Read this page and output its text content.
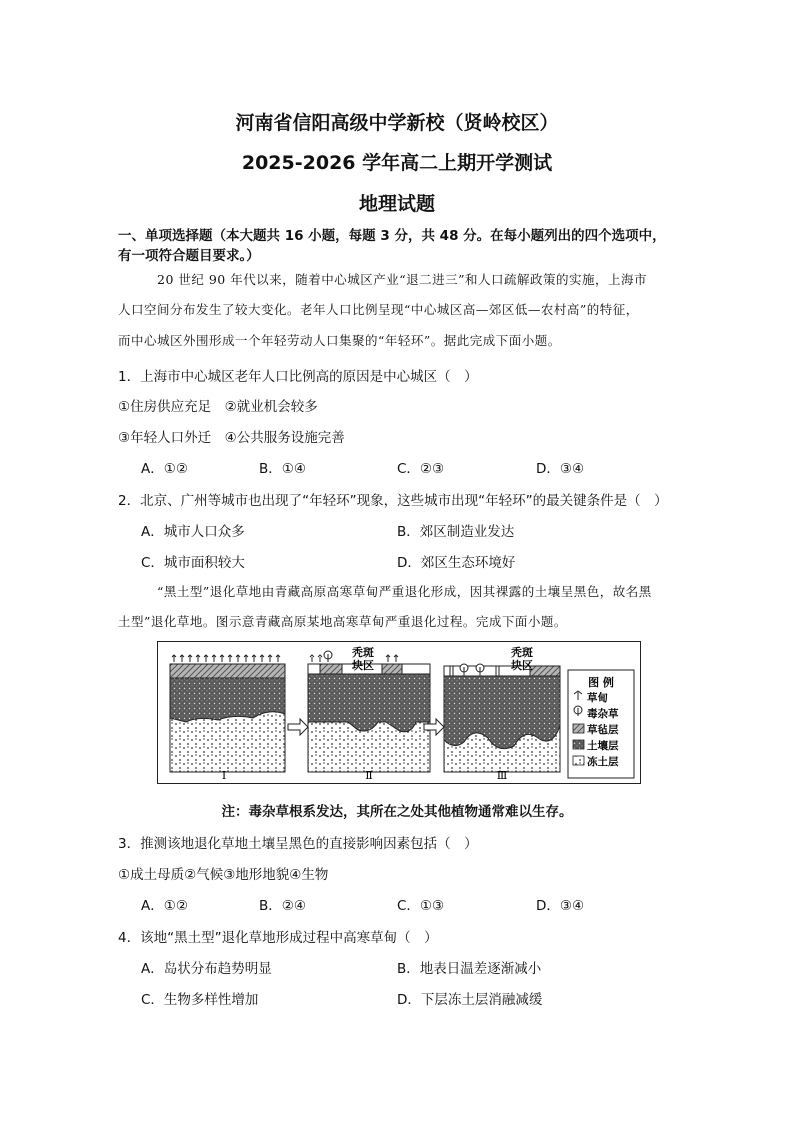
河南省信阳高级中学新校（贤岭校区）
2025-2026 学年高二上期开学测试
地理试题
一、单项选择题（本大题共 16 小题，每题 3 分，共 48 分。在每小题列出的四个选项中，
有一项符合题目要求。）
20 世纪 90 年代以来，随着中心城区产业“退二进三”和人口疏解政策的实施，上海市
人口空间分布发生了较大变化。老年人口比例呈现“中心城区高—郊区低—农村高”的特征，
而中心城区外围形成一个年轻劳动人口集聚的“年轻环”。据此完成下面小题。
1．上海市中心城区老年人口比例高的原因是中心城区（　）
①住房供应充足　②就业机会较多
③年轻人口外迁　④公共服务设施完善
A．①②	B．①④	C．②③	D．③④
2．北京、广州等城市也出现了“年轻环”现象，这些城市出现“年轻环”的最关键条件是（　）
A．城市人口众多	B．郊区制造业发达
C．城市面积较大	D．郊区生态环境好
“黑土型”退化草地由青藏高原高寒草甸严重退化形成，因其裸露的土壤呈黑色，故名黑
土型”退化草地。图示意青藏高原某地高寒草甸严重退化过程。完成下面小题。
Ⅰ
秃斑
块区
Ⅱ
秃斑
块区
Ⅲ
图 例
草甸
毒杂草
草毡层
土壤层
冻土层
注：毒杂草根系发达，其所在之处其他植物通常难以生存。
3．推测该地退化草地土壤呈黑色的直接影响因素包括（　）
①成土母质②气候③地形地貌④生物
A．①②	B．②④	C．①③	D．③④
4．该地“黑土型”退化草地形成过程中高寒草甸（　）
A．岛状分布趋势明显	B．地表日温差逐渐减小
C．生物多样性增加	D．下层冻土层消融减缓
